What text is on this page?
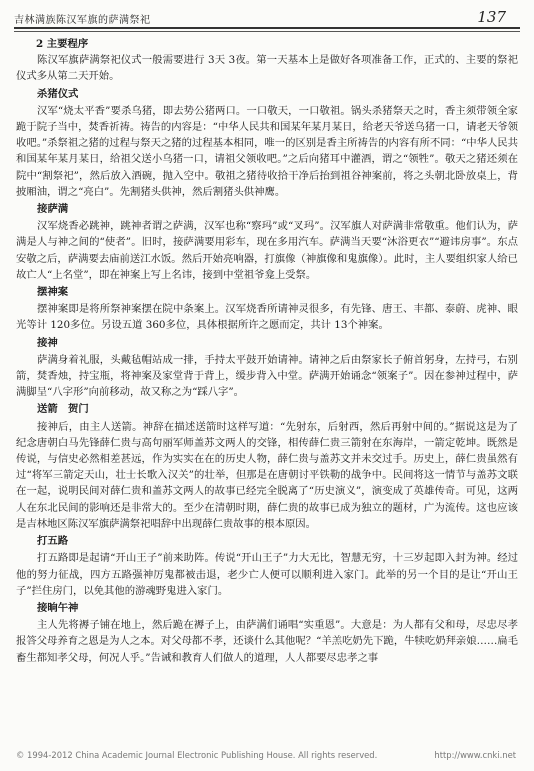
吉林满族陈汉军旗的萨满祭祀	137

2 主要程序

陈汉军旗萨满祭祀仪式一般需要进行 3天 3夜。第一天基本上是做好各项准备工作，正式的、主要的祭祀仪式多从第二天开始。

杀猪仪式

汉军“烧太平香”要杀乌猪，即去势公猪两口。一口敬天，一口敬祖。锅头杀猪祭天之时，香主须带领全家跪于院子当中，焚香祈祷。祷告的内容是：“中华人民共和国某年某月某日，给老天爷送乌猪一口，请老天爷领收吧。”杀祭祖之猪的过程与祭天之猪的过程基本相同，唯一的区别是香主所祷告的内容有所不同：“中华人民共和国某年某月某日，给祖父送小乌猪一口，请祖父领收吧。”之后向猪耳中灌酒，谓之“领牲”。敬天之猪还须在院中“割祭祀”，然后放入酒碗，抛入空中。敬祖之猪待收拾干净后抬到祖谷神案前，将之头朝北卧放桌上，背披厢油，谓之“亮白”。先割猪头供神，然后割猪头供神鹰。

接萨满

汉军烧香必跳神，跳神者谓之萨满，汉军也称“察玛”或“叉玛”。汉军旗人对萨满非常敬重。他们认为，萨满是人与神之间的“使者”。旧时，接萨满要用彩车，现在多用汽车。萨满当天要“沐浴更衣”“避讳房事”。东点安敬之后，萨满要去庙前送江水饭。然后开始亮响器，打旗像（神旗像和鬼旗像）。此时，主人要组织家人给已故亡人“上名堂”，即在神案上写上名讳，接到中堂祖爷龛上受祭。

摆神案

摆神案即是将所祭神案摆在院中条案上。汉军烧香所请神灵很多，有先锋、唐王、丰都、泰蔚、虎神、眼光等计 120多位。另设五道 360多位，具体根据所许之愿而定，共计 13个神案。

接神

萨满身着礼服，头戴毡帽站成一排，手持太平鼓开始请神。请神之后由祭家长子俯首躬身，左持弓，右别箭，焚香烛，持宝瓶，将神案及家堂背于背上，缓步背入中堂。萨满开始诵念“领案子”。因在参神过程中，萨满脚呈“八字形”向前移动，故又称之为“踩八字”。

送箭　贺门

接神后，由主人送箭。神辞在描述送箭时这样写道：“先射东，后射西，然后再射中间的。”据说这是为了纪念唐朝白马先锋薛仁贵与高句丽军师盖苏文两人的交锋，相传薛仁贵三箭射在东海岸，一箭定乾坤。既然是传说，与信史必然相差甚远，作为实实在在的历史人物，薛仁贵与盖苏文并未交过手。历史上，薛仁贵虽然有过“将军三箭定天山，壮士长歌入汉关”的壮举，但那是在唐朝讨平铁勒的战争中。民间将这一情节与盖苏文联在一起，说明民间对薛仁贵和盖苏文两人的故事已经完全脱离了“历史演义”，演变成了英雄传奇。可见，这两人在东北民间的影响还是非常大的。至少在清朝时期，薛仁贵的故事已成为独立的题材，广为流传。这也应该是吉林地区陈汉军旗萨满祭祀唱辞中出现薛仁贵故事的根本原因。

打五路

打五路即是起请“开山王子”前来助阵。传说“开山王子”力大无比，智慧无穷，十三岁起即入封为神。经过他的努力征战，四方五路强神厉鬼都被击退，老少亡人便可以顺利进入家门。此举的另一个目的是让“开山王子”拦住房门，以免其他的游魂野鬼进入家门。

接晌午神

主人先将褥子铺在地上，然后跪在褥子上，由萨满们诵唱“实重恩”。大意是：为人都有父和母，尽忠尽孝报答父母养育之恩是为人之本。对父母都不孝，还谈什么其他呢？“羊羔吃奶先下跪，牛犊吃奶拜亲娘……扁毛畜生都知孝父母，何况人乎。”告诫和教育人们做人的道理，人人都要尽忠孝之事

© 1994-2012 China Academic Journal Electronic Publishing House. All rights reserved.	http://www.cnki.net
